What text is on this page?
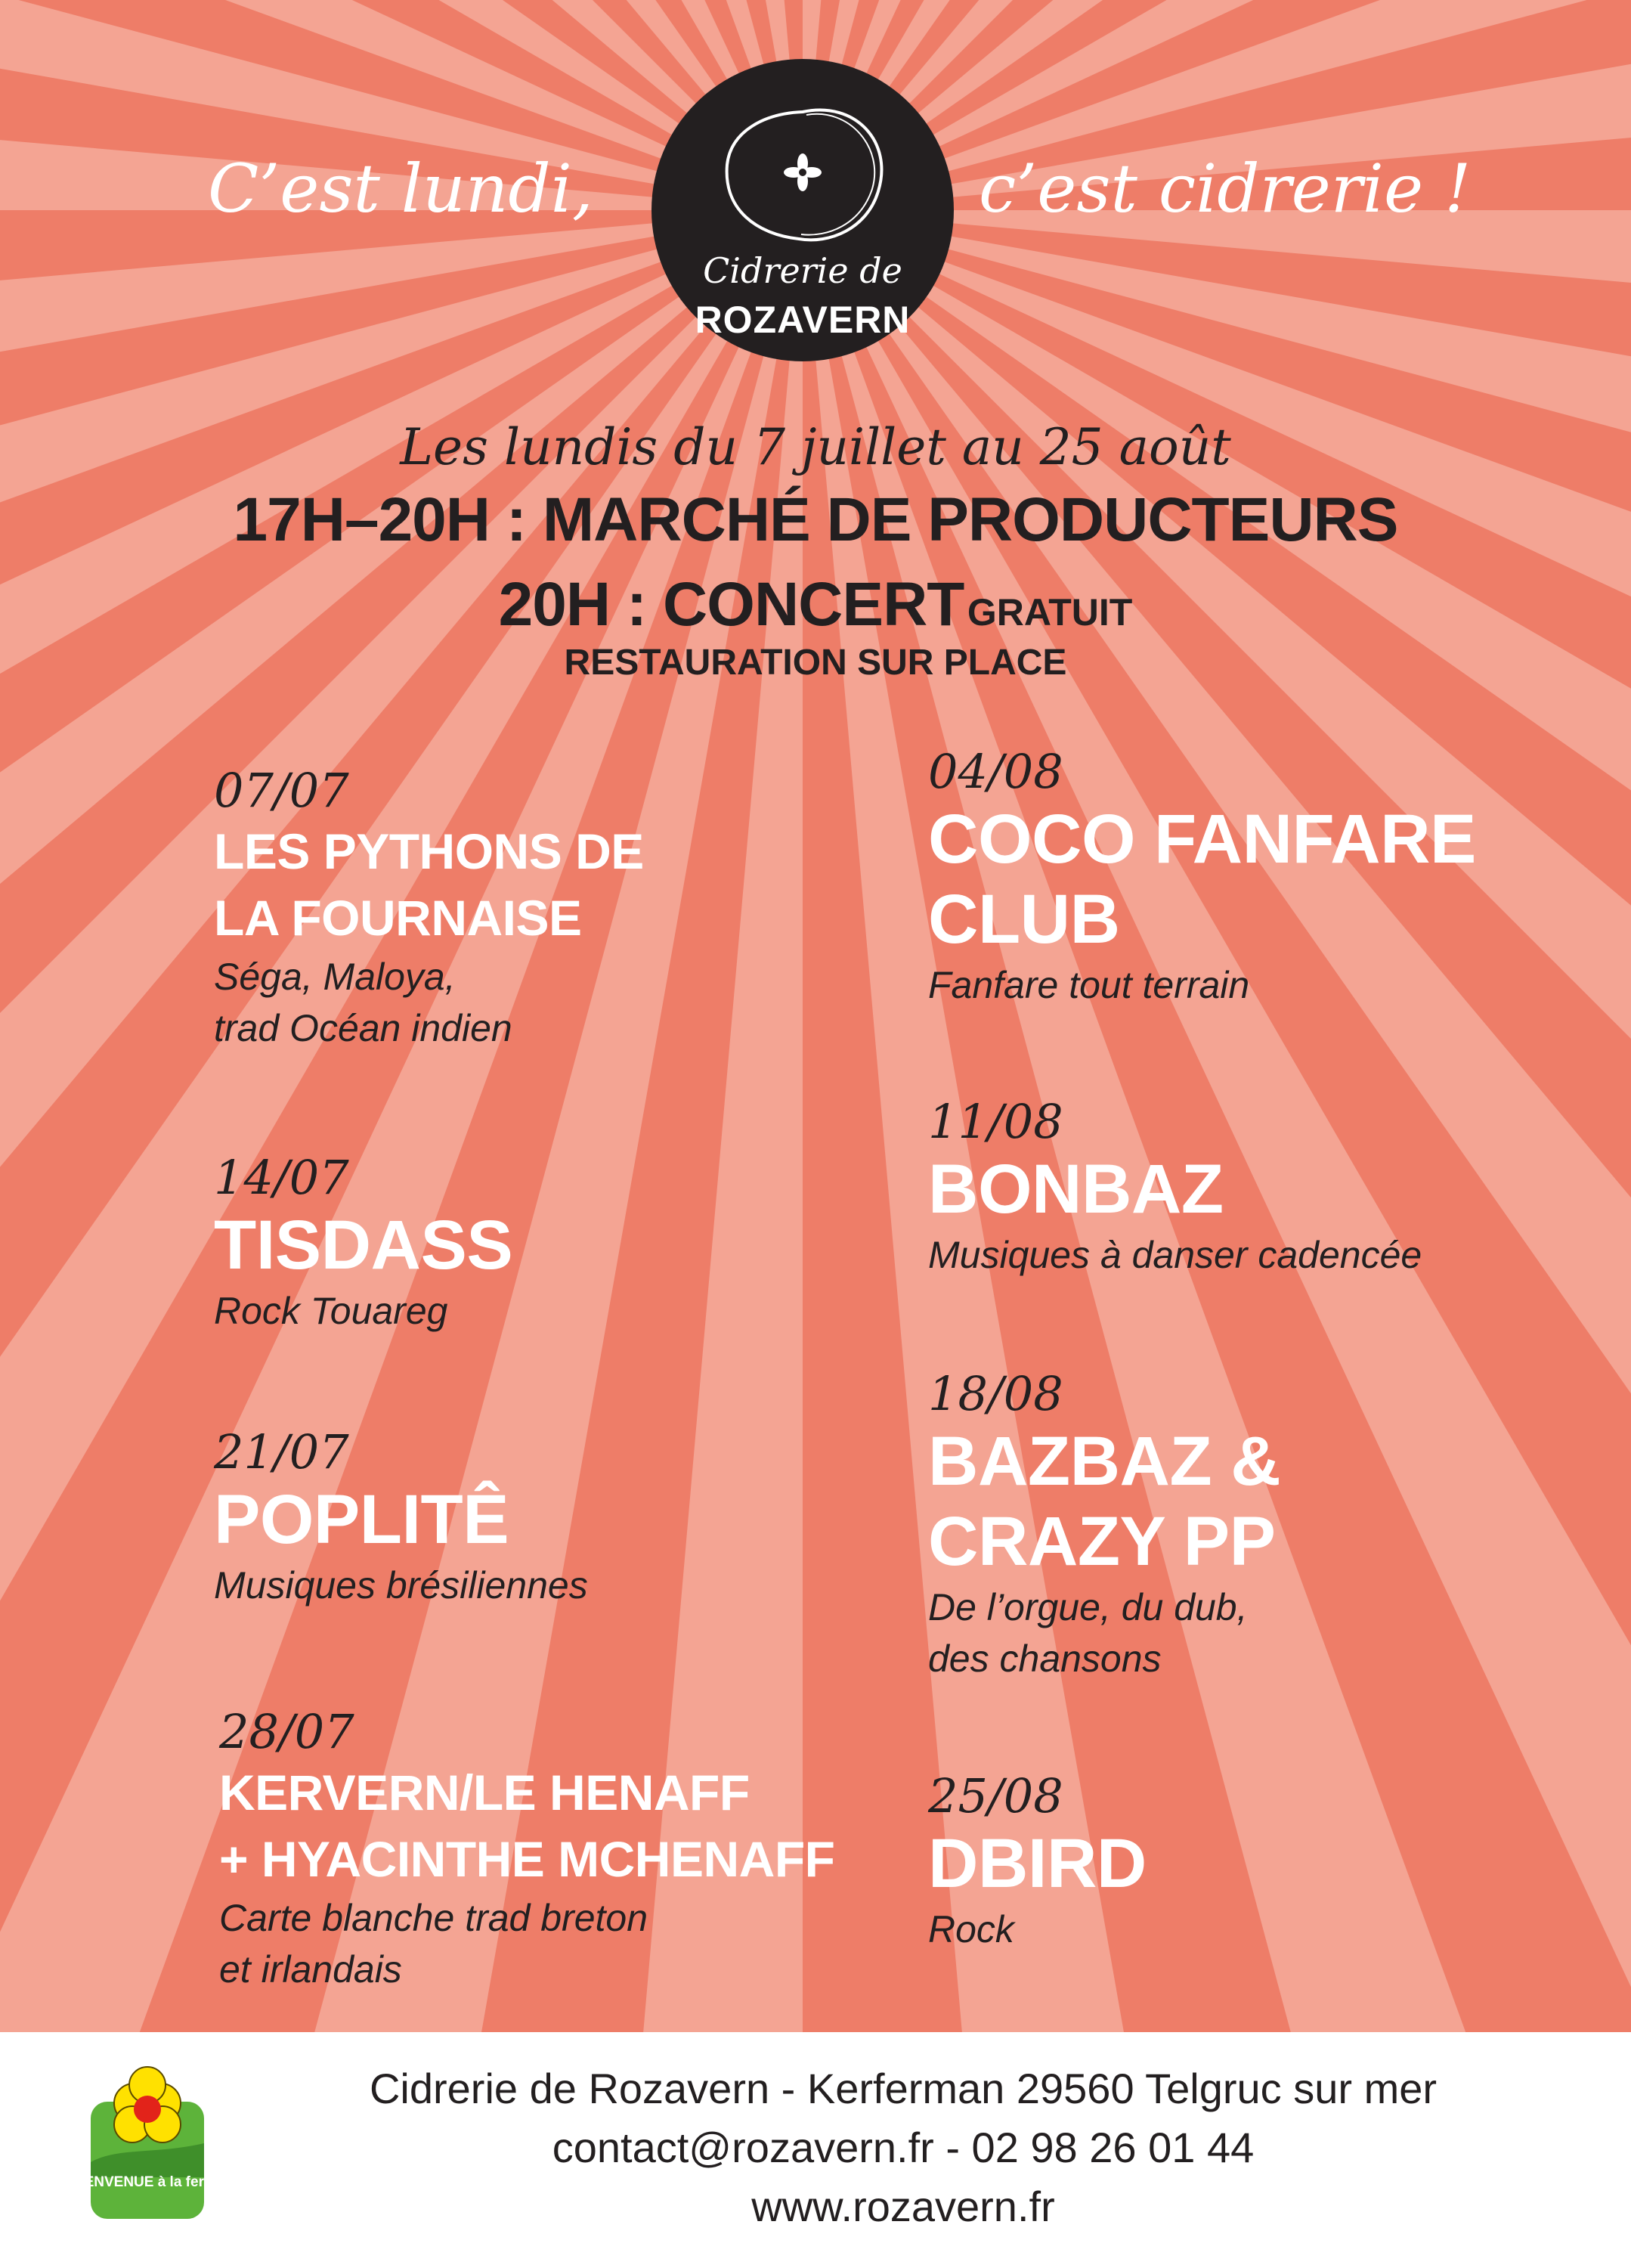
C’est lundi,	c’est cidrerie !

Cidrerie de
ROZAVERN
Les lundis du 7 juillet au 25 août
17H–20H : MARCHÉ DE PRODUCTEURS
20H : CONCERT GRATUIT
RESTAURATION SUR PLACE
07/07
LES PYTHONS DE
LA FOURNAISE
Séga, Maloya,
trad Océan indien
14/07
TISDASS
Rock Touareg
21/07
POPLITÊ
Musiques brésiliennes
28/07
KERVERN/LE HENAFF
+ HYACINTHE MCHENAFF
Carte blanche trad breton
et irlandais
04/08
COCO FANFARE
CLUB
Fanfare tout terrain
11/08
BONBAZ
Musiques à danser cadencée
18/08
BAZBAZ &
CRAZY PP
De l’orgue, du dub,
des chansons
25/08
DBIRD
Rock
Cidrerie de Rozavern - Kerferman 29560 Telgruc sur mer
contact@rozavern.fr - 02 98 26 01 44
www.rozavern.fr
BIENVENUE à la ferme
